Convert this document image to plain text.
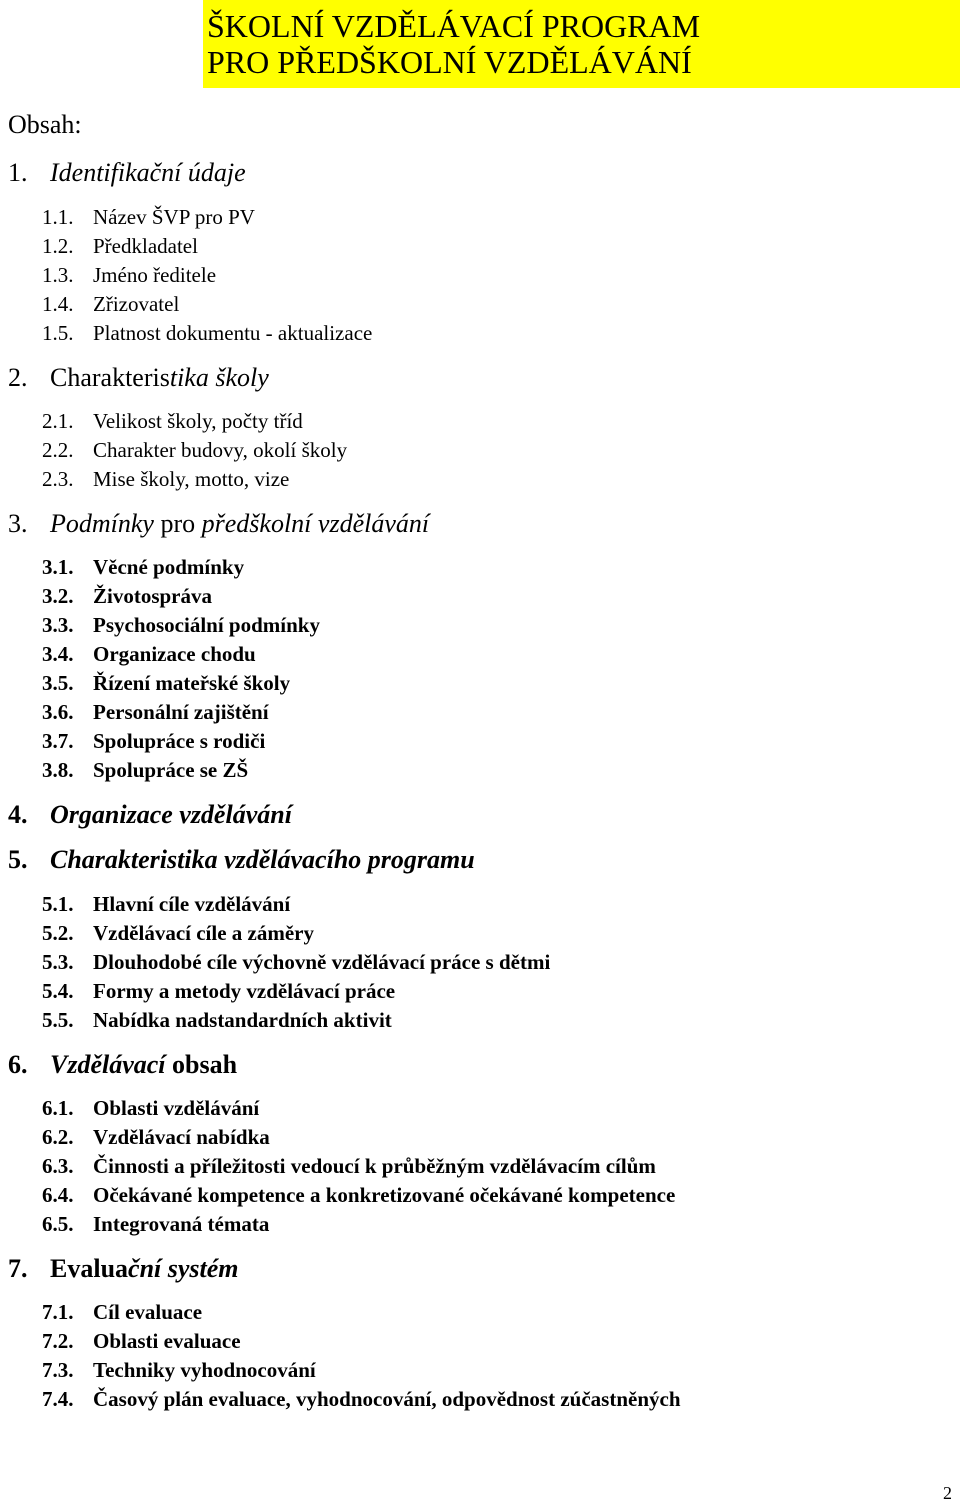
ŠKOLNÍ VZDĚLÁVACÍ PROGRAM
PRO PŘEDŠKOLNÍ VZDĚLÁVÁNÍ
Obsah:
1. Identifikační údaje
1.1. Název ŠVP pro PV
1.2. Předkladatel
1.3. Jméno ředitele
1.4. Zřizovatel
1.5. Platnost dokumentu - aktualizace
2. Charakteristika školy
2.1. Velikost školy, počty tříd
2.2. Charakter budovy, okolí školy
2.3. Mise školy, motto, vize
3. Podmínky pro předškolní vzdělávání
3.1. Věcné podmínky
3.2. Životospráva
3.3. Psychosociální podmínky
3.4. Organizace chodu
3.5. Řízení mateřské školy
3.6. Personální zajištění
3.7. Spolupráce s rodiči
3.8. Spolupráce se ZŠ
4. Organizace vzdělávání
5. Charakteristika vzdělávacího programu
5.1. Hlavní cíle vzdělávání
5.2. Vzdělávací cíle a záměry
5.3. Dlouhodobé cíle výchovně vzdělávací práce s dětmi
5.4. Formy a metody vzdělávací práce
5.5. Nabídka nadstandardních aktivit
6. Vzdělávací obsah
6.1. Oblasti vzdělávání
6.2. Vzdělávací nabídka
6.3. Činnosti a příležitosti vedoucí k průběžným vzdělávacím cílům
6.4. Očekávané kompetence a konkretizované očekávané kompetence
6.5. Integrovaná témata
7. Evaluační systém
7.1. Cíl evaluace
7.2. Oblasti evaluace
7.3. Techniky vyhodnocování
7.4. Časový plán evaluace, vyhodnocování, odpovědnost zúčastněných
2
